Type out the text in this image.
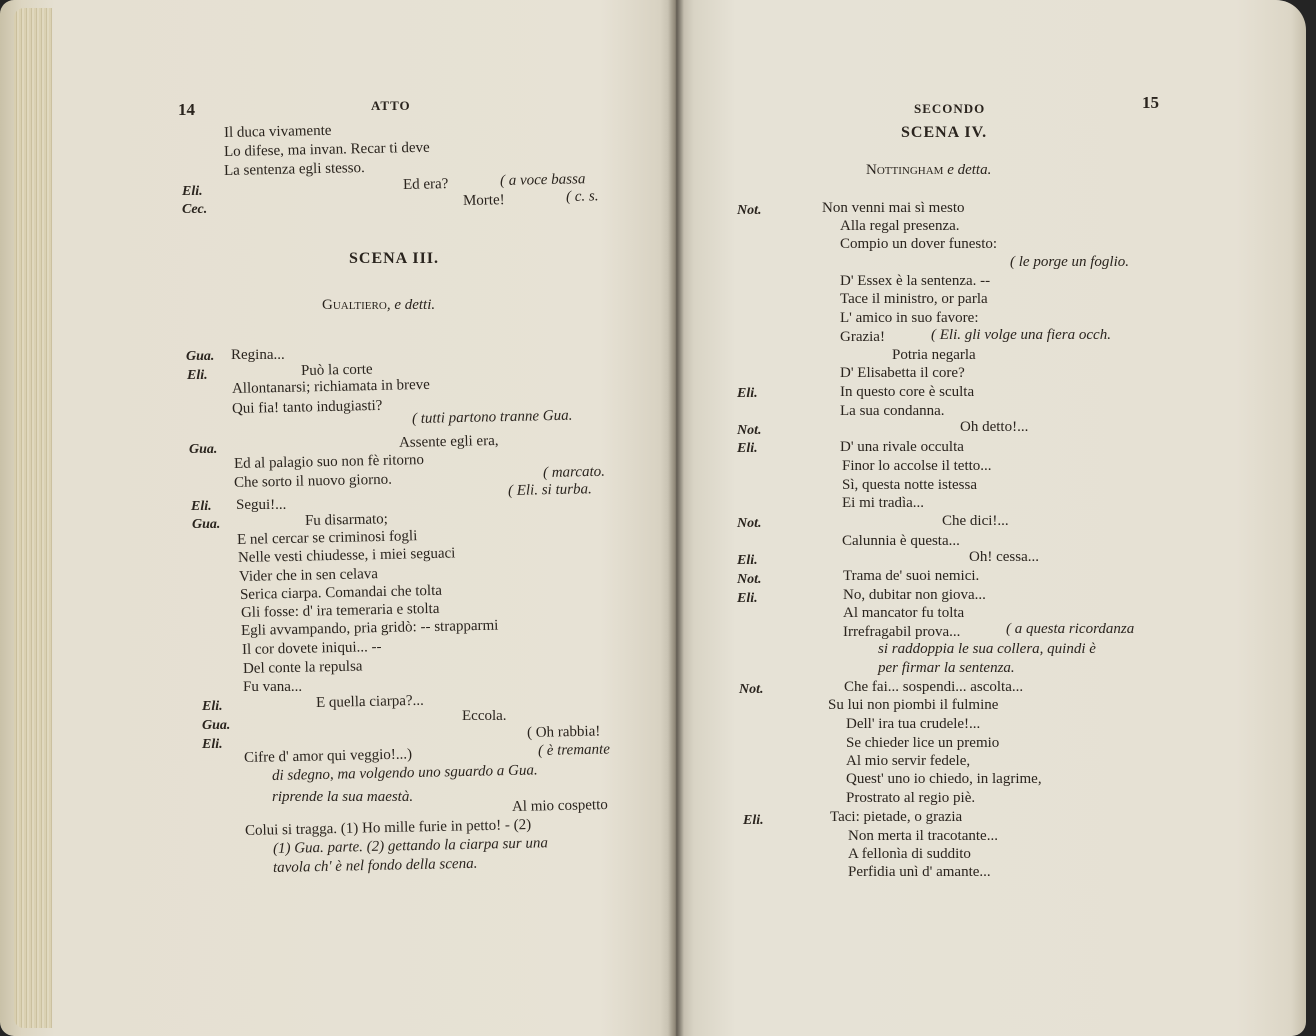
14	ATTO
Il duca vivamente
Lo difese, ma invan. Recar ti deve
La sentenza egli stesso.
Eli.	Ed era?	( a voce bassa
Cec.
Morte!	( c. s.
SCENA III.
Gualtiero, e detti.
Gua. Regina...
Eli.	Può la corte
Allontanarsi; richiamata in breve
Qui fia! tanto indugiasti?
( tutti partono tranne Gua.
Gua.	Assente egli era,
Ed al palagio suo non fè ritorno
Che sorto il nuovo giorno.	( marcato.
( Eli. si turba.
Eli. Segui!...
Gua.	Fu disarmato;
E nel cercar se criminosi fogli
Nelle vesti chiudesse, i miei seguaci
Vider che in sen celava
Serica ciarpa. Comandai che tolta
Gli fosse: d' ira temeraria e stolta
Egli avvampando, pria gridò: -- strapparmi
Il cor dovete iniqui... --
Del conte la repulsa
Fu vana...
Eli.	E quella ciarpa?...
Gua.
Eccola.
Eli.
( Oh rabbia!
Cifre d' amor qui veggio!...)	( è tremante
di sdegno, ma volgendo uno sguardo a Gua.
riprende la sua maestà.	Al mio cospetto
Colui si tragga. (1) Ho mille furie in petto! - (2)
(1) Gua. parte. (2) gettando la ciarpa sur una
tavola ch' è nel fondo della scena.
SECONDO	15
SCENA IV.
Nottingham e detta.
Not.	Non venni mai sì mesto
Alla regal presenza.
Compio un dover funesto:
( le porge un foglio.
D' Essex è la sentenza. --
Tace il ministro, or parla
L' amico in suo favore:
Grazia!	( Eli. gli volge una fiera occh.
Potria negarla
D' Elisabetta il core?
Eli.	In questo core è sculta
La sua condanna.
Not.	Oh detto!...
Eli.	D' una rivale occulta
Finor lo accolse il tetto...
Sì, questa notte istessa
Ei mi tradìa...
Not.	Che dici!...
Calunnia è questa...
Eli.	Oh! cessa...
Not.	Trama de' suoi nemici.
Eli.	No, dubitar non giova...
Al mancator fu tolta
Irrefragabil prova...	( a questa ricordanza
si raddoppia le sua collera, quindi è
per firmar la sentenza.
Not.	Che fai... sospendi... ascolta...
Su lui non piombi il fulmine
Dell' ira tua crudele!...
Se chieder lice un premio
Al mio servir fedele,
Quest' uno io chiedo, in lagrime,
Prostrato al regio piè.
Eli.	Taci: pietade, o grazia
Non merta il tracotante...
A fellonìa di suddito
Perfidia unì d' amante...
